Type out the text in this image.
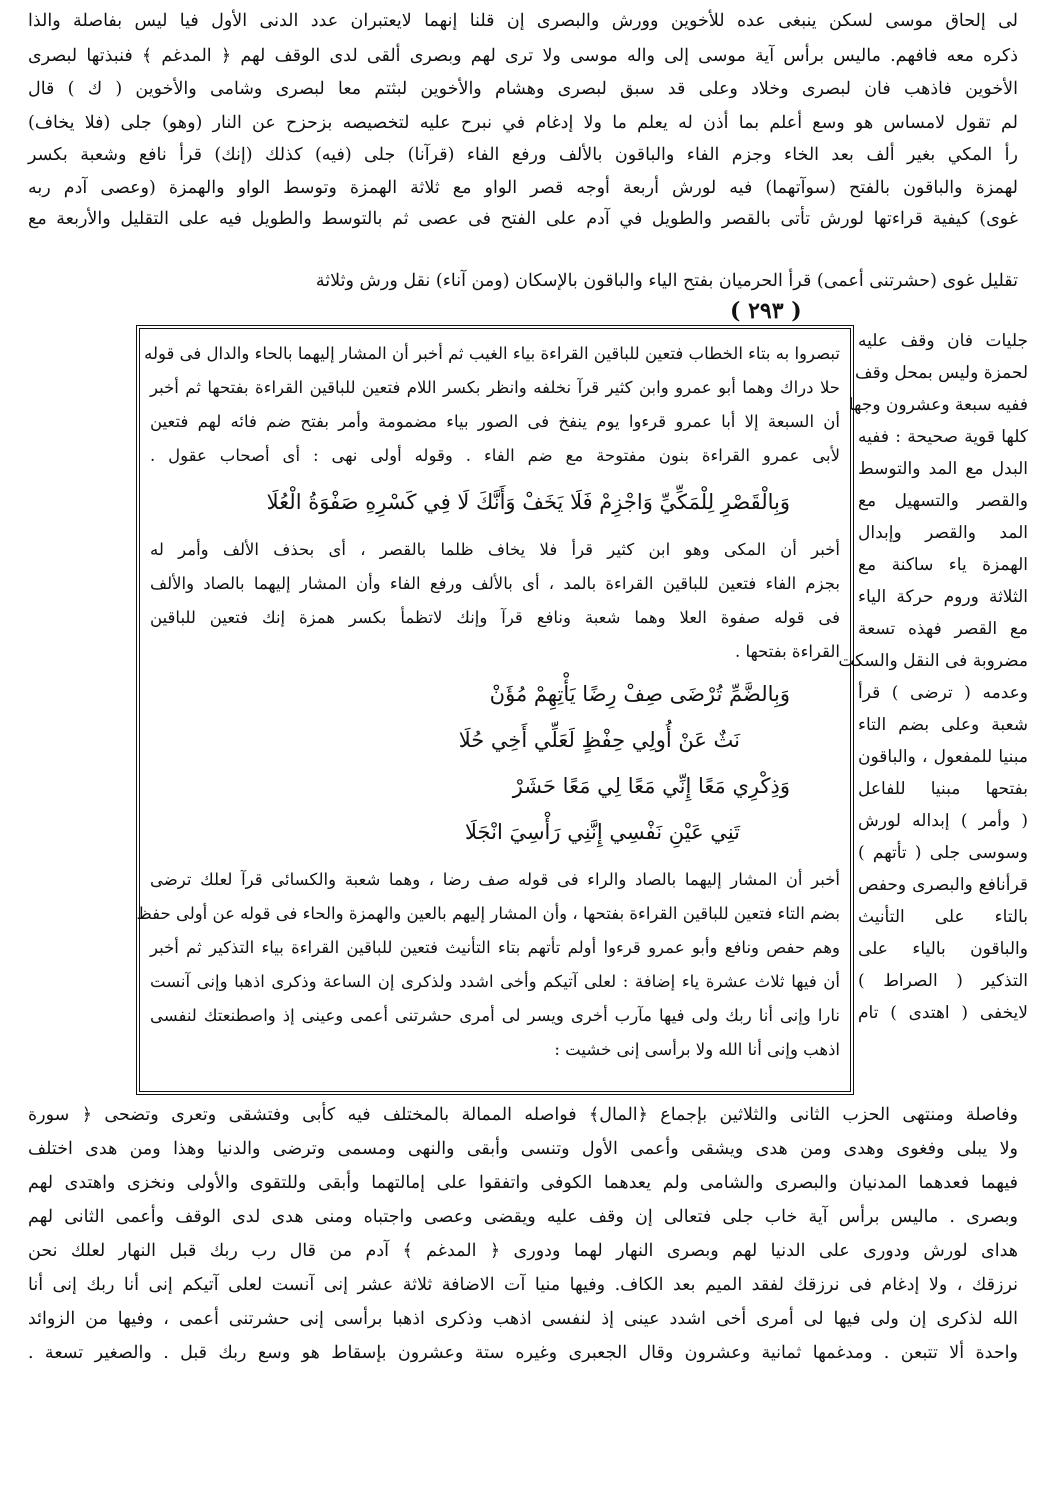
لى إلحاق موسى لسكن ينبغى عده للأخوين وورش والبصرى إن قلنا إنهما لايعتبران عدد الدنى الأول فيا ليس بفاصلة والذا
ذكره معه فافهم. ماليس برأس آية موسى إلى واله موسى ولا ترى لهم وبصرى ألقى لدى الوقف لهم ﴿ المدغم ﴾ فنبذتها لبصرى
الأخوين فاذهب فان لبصرى وخلاد وعلى قد سبق لبصرى وهشام والأخوين لبثتم معا لبصرى وشامى والأخوين ( ك ) قال
لم تقول لامساس هو وسع أعلم بما أذن له يعلم ما ولا إدغام في نبرح عليه لتخصيصه بزحزح عن النار (وهو) جلى (فلا يخاف)
رأ المكي بغير ألف بعد الخاء وجزم الفاء والباقون بالألف ورفع الفاء (قرآنا) جلى (فيه) كذلك (إنك) قرأ نافع وشعبة بكسر
لهمزة والباقون بالفتح (سوآتهما) فيه لورش أربعة أوجه قصر الواو مع ثلاثة الهمزة وتوسط الواو والهمزة (وعصى آدم ربه
غوى) كيفية قراءتها لورش تأتى بالقصر والطويل في آدم على الفتح فى عصى ثم بالتوسط والطويل فيه على التقليل والأربعة مع
تقليل غوى (حشرتنى أعمى) قرأ الحرميان بفتح الياء والباقون بالإسكان (ومن آناء) نقل ورش وثلاثة
( ٢٩٣ )
تبصروا به بتاء الخطاب فتعين للباقين القراءة بياء الغيب ثم أخبر أن المشار إليهما بالحاء والدال فى قوله
حلا دراك وهما أبو عمرو وابن كثير قرآ نخلفه وانظر بكسر اللام فتعين للباقين القراءة بفتحها ثم أخبر
أن السبعة إلا أبا عمرو قرءوا يوم ينفخ فى الصور بياء مضمومة وأمر بفتح ضم فائه لهم فتعين
لأبى عمرو القراءة بنون مفتوحة مع ضم الفاء . وقوله أولى نهى : أى أصحاب عقول .
وَبِالْقَصْرِ لِلْمَكِّيِّ وَاجْزِمْ فَلَا يَخَفْ وَأَنَّكَ لَا فِي كَسْرِهِ صَفْوَةُ الْعُلَا
أخبر أن المكى وهو ابن كثير قرأ فلا يخاف ظلما بالقصر ، أى بحذف الألف وأمر له
بجزم الفاء فتعين للباقين القراءة بالمد ، أى بالألف ورفع الفاء وأن المشار إليهما بالصاد والألف
فى قوله صفوة العلا وهما شعبة ونافع قرآ وإنك لاتظمأ بكسر همزة إنك فتعين للباقين
القراءة بفتحها .
وَبِالضَّمِّ تُرْضَى صِفْ رِضًا يَأْتِهِمْ مُؤَنْ
نَثٌ عَنْ أُولِي حِفْظٍ لَعَلِّي أَخِي حُلَا
وَذِكْرِي مَعًا إِنِّي مَعًا لِي مَعًا حَشَرْ
تَنِي عَيْنِ نَفْسِي إِنَّنِي رَأْسِيَ انْجَلَا
أخبر أن المشار إليهما بالصاد والراء فى قوله صف رضا ، وهما شعبة والكسائى قرآ لعلك ترضى
بضم التاء فتعين للباقين القراءة بفتحها ، وأن المشار إليهم بالعين والهمزة والحاء فى قوله عن أولى حفظ
وهم حفص ونافع وأبو عمرو قرءوا أولم تأتهم بتاء التأنيث فتعين للباقين القراءة بياء التذكير ثم أخبر
أن فيها ثلاث عشرة ياء إضافة : لعلى آتيكم وأخى اشدد ولذكرى إن الساعة وذكرى اذهبا وإنى آنست
نارا وإنى أنا ربك ولى فيها مآرب أخرى ويسر لى أمرى حشرتنى أعمى وعينى إذ واصطنعتك لنفسى
اذهب وإنى أنا الله ولا برأسى إنى خشيت :
جليات فان وقف عليه
لحمزة وليس بمحل وقف
ففيه سبعة وعشرون وجها
كلها قوية صحيحة : ففيه
البدل مع المد والتوسط
والقصر والتسهيل مع
المد والقصر وإبدال
الهمزة ياء ساكنة مع
الثلاثة وروم حركة الياء
مع القصر فهذه تسعة
مضروبة فى النقل والسكت
وعدمه ( ترضى ) قرأ
شعبة وعلى بضم التاء
مبنيا للمفعول ، والباقون
بفتحها مبنيا للفاعل
( وأمر ) إبداله لورش
وسوسى جلى ( تأتهم )
قرأنافع والبصرى وحفص
بالتاء على التأنيث
والباقون بالياء على
التذكير ( الصراط )
لايخفى ( اهتدى ) تام
وفاصلة ومنتهى الحزب الثانى والثلاثين بإجماع ﴿المال﴾ فواصله الممالة بالمختلف فيه كأبى وفتشقى وتعرى وتضحى ﴿ سورة
ولا يبلى وفغوى وهدى ومن هدى ويشقى وأعمى الأول وتنسى وأبقى والنهى ومسمى وترضى والدنيا وهذا ومن هدى اختلف
فيهما فعدهما المدنيان والبصرى والشامى ولم يعدهما الكوفى واتفقوا على إمالتهما وأبقى وللتقوى والأولى ونخزى واهتدى لهم
وبصرى . ماليس برأس آية خاب جلى فتعالى إن وقف عليه ويقضى وعصى واجتباه ومنى هدى لدى الوقف وأعمى الثانى لهم
هداى لورش ودورى على الدنيا لهم وبصرى النهار لهما ودورى ﴿ المدغم ﴾ آدم من قال رب ربك قبل النهار لعلك نحن
نرزقك ، ولا إدغام فى نرزقك لفقد الميم بعد الكاف. وفيها منيا آت الاضافة ثلاثة عشر إنى آنست لعلى آتيكم إنى أنا ربك إنى أنا
الله لذكرى إن ولى فيها لى أمرى أخى اشدد عينى إذ لنفسى اذهب وذكرى اذهبا برأسى إنى حشرتنى أعمى ، وفيها من الزوائد
واحدة ألا تتبعن . ومدغمها ثمانية وعشرون وقال الجعبرى وغيره ستة وعشرون بإسقاط هو وسع ربك قبل . والصغير تسعة .
